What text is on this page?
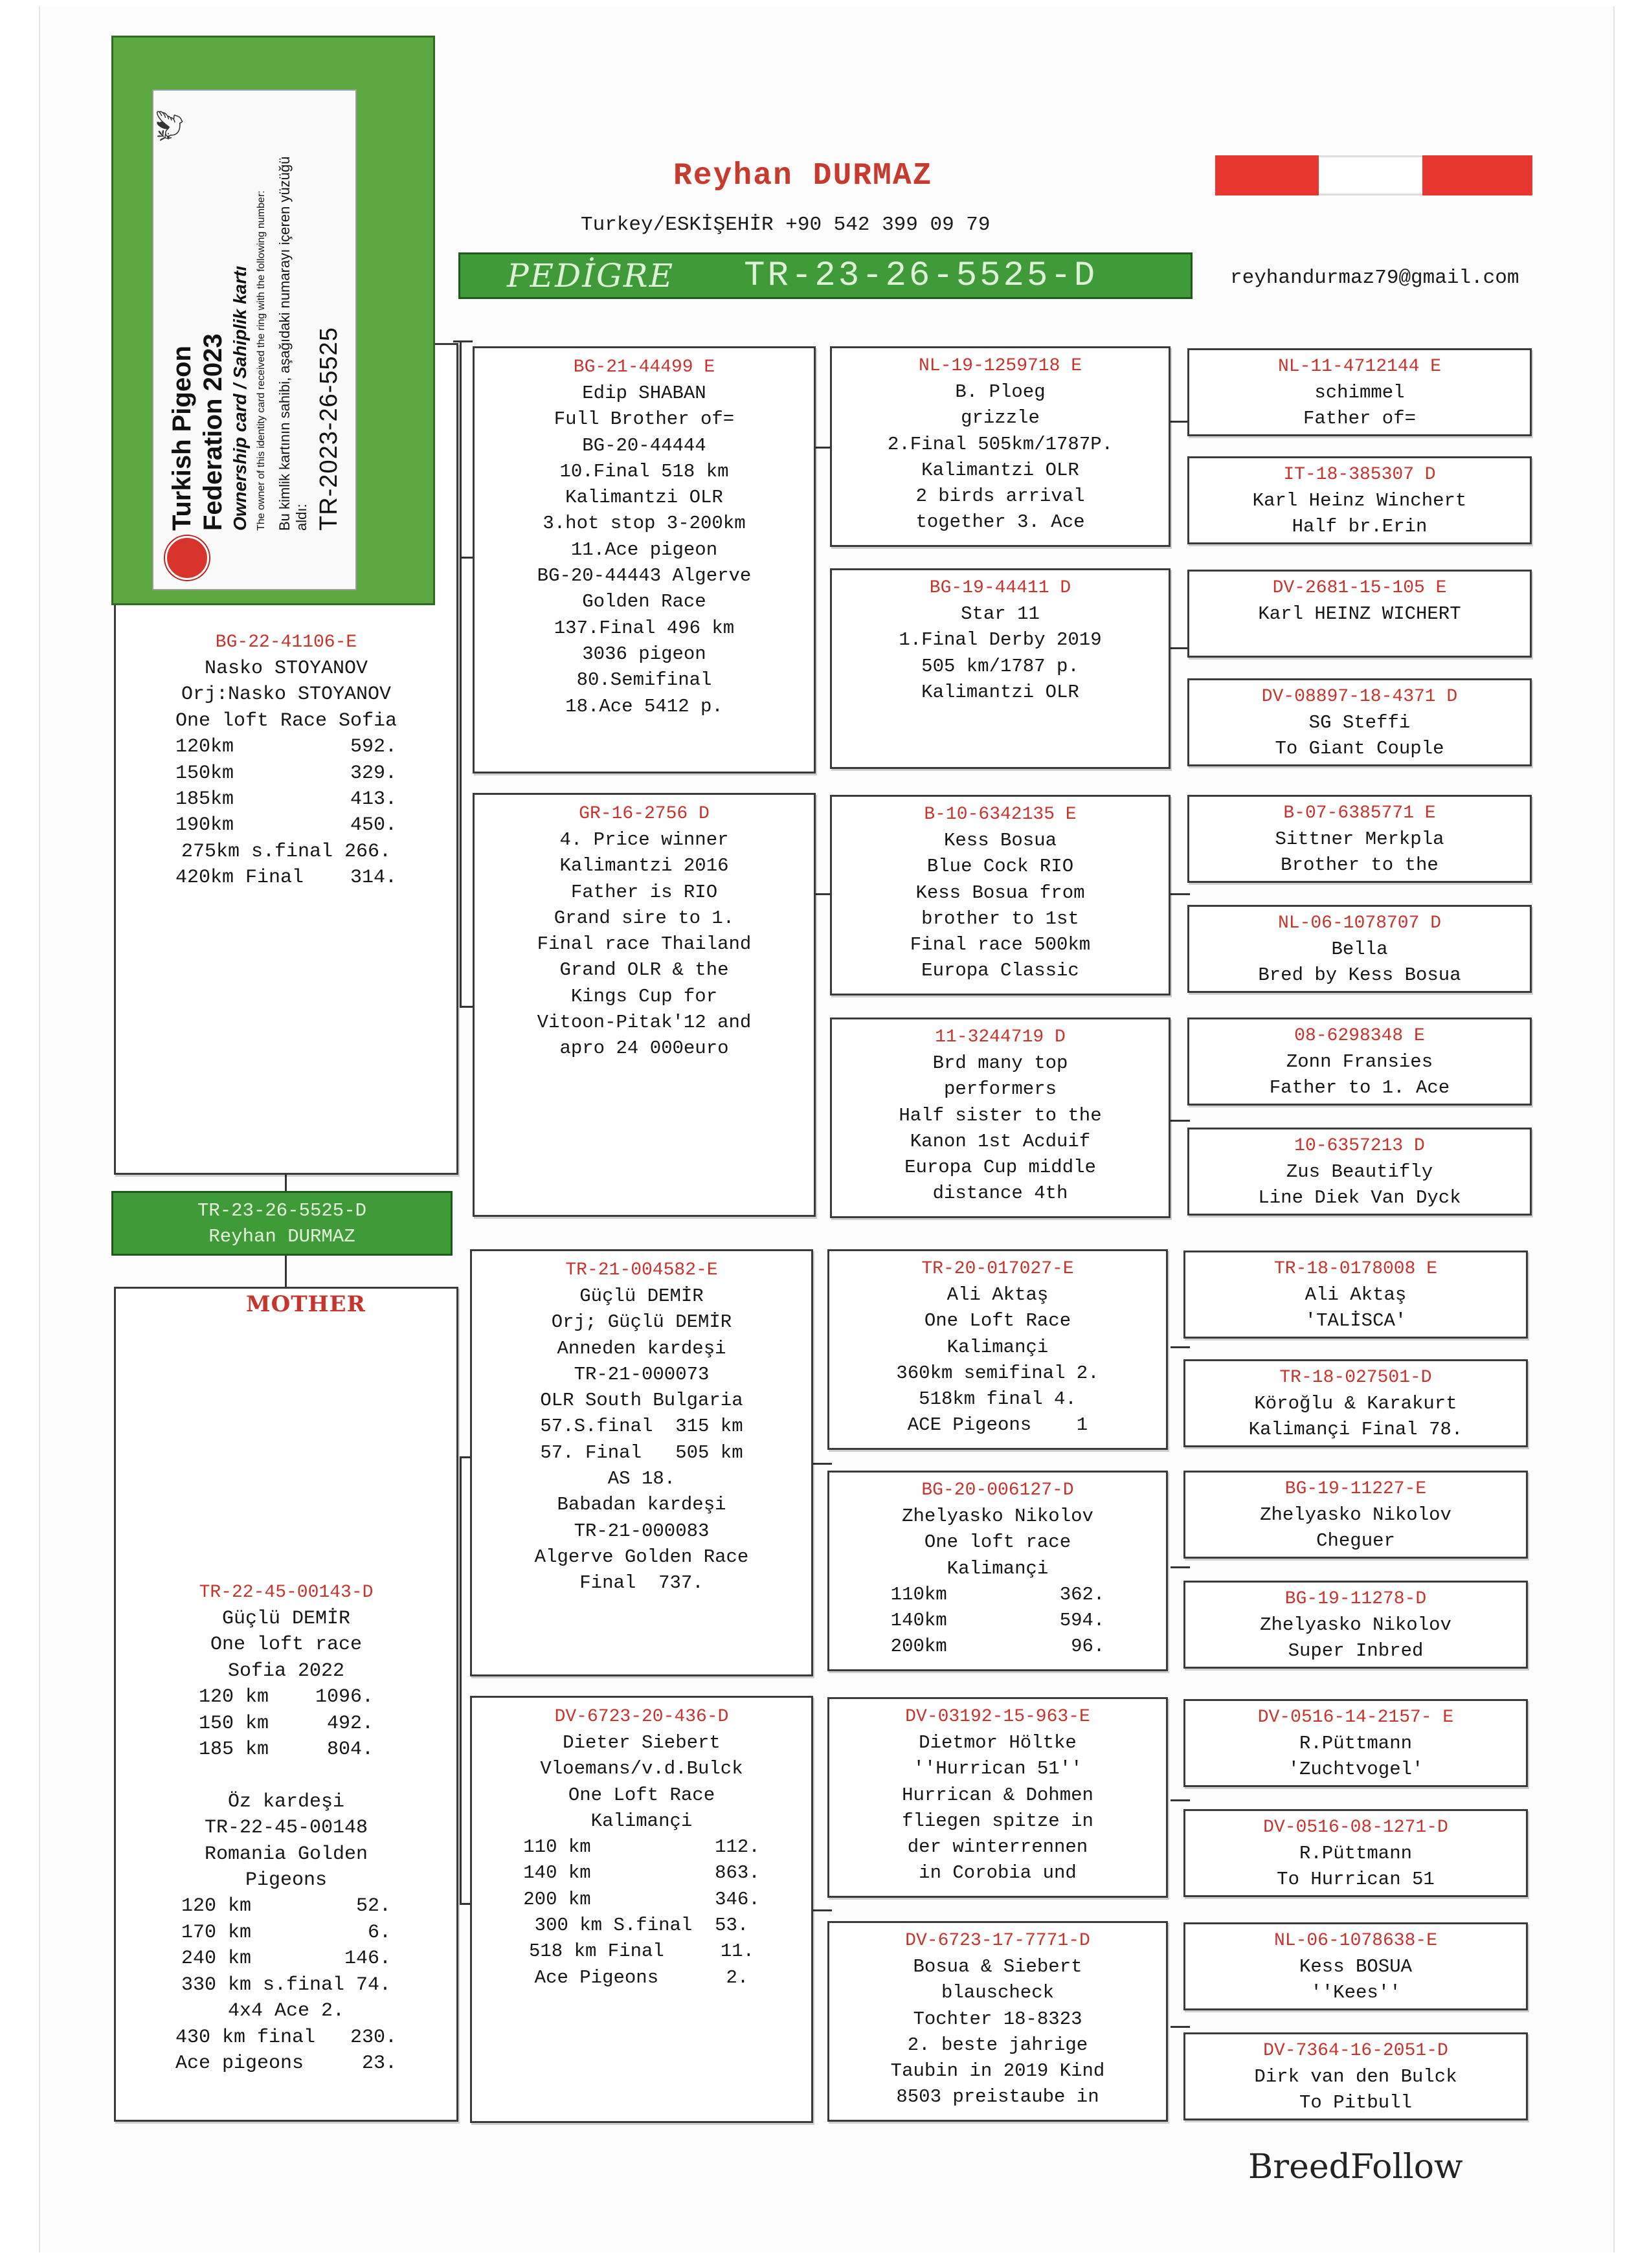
Reyhan DURMAZ
Turkey/ESKİŞEHİR +90 542 399 09 79
reyhandurmaz79@gmail.com
PEDİGRE TR-23-26-5525-D
BG-22-41106-E
Nasko STOYANOV
Orj:Nasko STOYANOV
One loft Race Sofia
120km          592.
150km          329.
185km          413.
190km          450.
275km s.final 266.
420km Final    314.
TR-23-26-5525-D
Reyhan DURMAZ
TR-22-45-00143-D
Güçlü DEMİR
One loft race
Sofia 2022
120 km    1096.
150 km     492.
185 km     804.

Öz kardeşi
TR-22-45-00148
Romania Golden
Pigeons
120 km         52.
170 km          6.
240 km        146.
330 km s.final 74.
4x4 Ace 2.
430 km final   230.
Ace pigeons     23.
MOTHER
BG-21-44499 E
Edip SHABAN
Full Brother of=
BG-20-44444
10.Final 518 km
Kalimantzi OLR
3.hot stop 3-200km
11.Ace pigeon
BG-20-44443 Algerve
Golden Race
137.Final 496 km
3036 pigeon
80.Semifinal
18.Ace 5412 p.
GR-16-2756 D
4. Price winner
Kalimantzi 2016
Father is RIO
Grand sire to 1.
Final race Thailand
Grand OLR & the
Kings Cup for
Vitoon-Pitak'12 and
apro 24 000euro
TR-21-004582-E
Güçlü DEMİR
Orj; Güçlü DEMİR
Anneden kardeşi
TR-21-000073
OLR South Bulgaria
57.S.final  315 km
57. Final   505 km
AS 18.
Babadan kardeşi
TR-21-000083
Algerve Golden Race
Final  737.
DV-6723-20-436-D
Dieter Siebert
Vloemans/v.d.Bulck
One Loft Race
Kalimançi
110 km           112.
140 km           863.
200 km           346.
300 km S.final  53.
518 km Final     11.
Ace Pigeons      2.
NL-19-1259718 E
B. Ploeg
grizzle
2.Final 505km/1787P.
Kalimantzi OLR
2 birds arrival
together 3. Ace
BG-19-44411 D
Star 11
1.Final Derby 2019
505 km/1787 p.
Kalimantzi OLR
B-10-6342135 E
Kess Bosua
Blue Cock RIO
Kess Bosua from
brother to 1st
Final race 500km
Europa Classic
11-3244719 D
Brd many top
performers
Half sister to the
Kanon 1st Acduif
Europa Cup middle
distance 4th
TR-20-017027-E
Ali Aktaş
One Loft Race
Kalimançi
360km semifinal 2.
518km final 4.
ACE Pigeons    1
BG-20-006127-D
Zhelyasko Nikolov
One loft race
Kalimançi
110km          362.
140km          594.
200km           96.
DV-03192-15-963-E
Dietmor Höltke
''Hurrican 51''
Hurrican & Dohmen
fliegen spitze in
der winterrennen
in Corobia und
DV-6723-17-7771-D
Bosua & Siebert
blauscheck
Tochter 18-8323
2. beste jahrige
Taubin in 2019 Kind
8503 preistaube in
NL-11-4712144 E
schimmel
Father of=
IT-18-385307 D
Karl Heinz Winchert
Half br.Erin
DV-2681-15-105 E
Karl HEINZ WICHERT
DV-08897-18-4371 D
SG Steffi
To Giant Couple
B-07-6385771 E
Sittner Merkpla
Brother to the
NL-06-1078707 D
Bella
Bred by Kess Bosua
08-6298348 E
Zonn Fransies
Father to 1. Ace
10-6357213 D
Zus Beautifly
Line Diek Van Dyck
TR-18-0178008 E
Ali Aktaş
'TALİSCA'
TR-18-027501-D
Köroğlu & Karakurt
Kalimançi Final 78.
BG-19-11227-E
Zhelyasko Nikolov
Cheguer
BG-19-11278-D
Zhelyasko Nikolov
Super Inbred
DV-0516-14-2157- E
R.Püttmann
'Zuchtvogel'
DV-0516-08-1271-D
R.Püttmann
To Hurrican 51
NL-06-1078638-E
Kess BOSUA
''Kees''
DV-7364-16-2051-D
Dirk van den Bulck
To Pitbull
BreedFollow
Turkish Pigeon
Federation 2023 Ownership card / Sahiplik kartı The owner of this identity card received the ring with the following number: Bu kimlik kartının sahibi, aşağıdaki numarayı içeren yüzüğü aldı: TR-2023-26-5525
🕊
